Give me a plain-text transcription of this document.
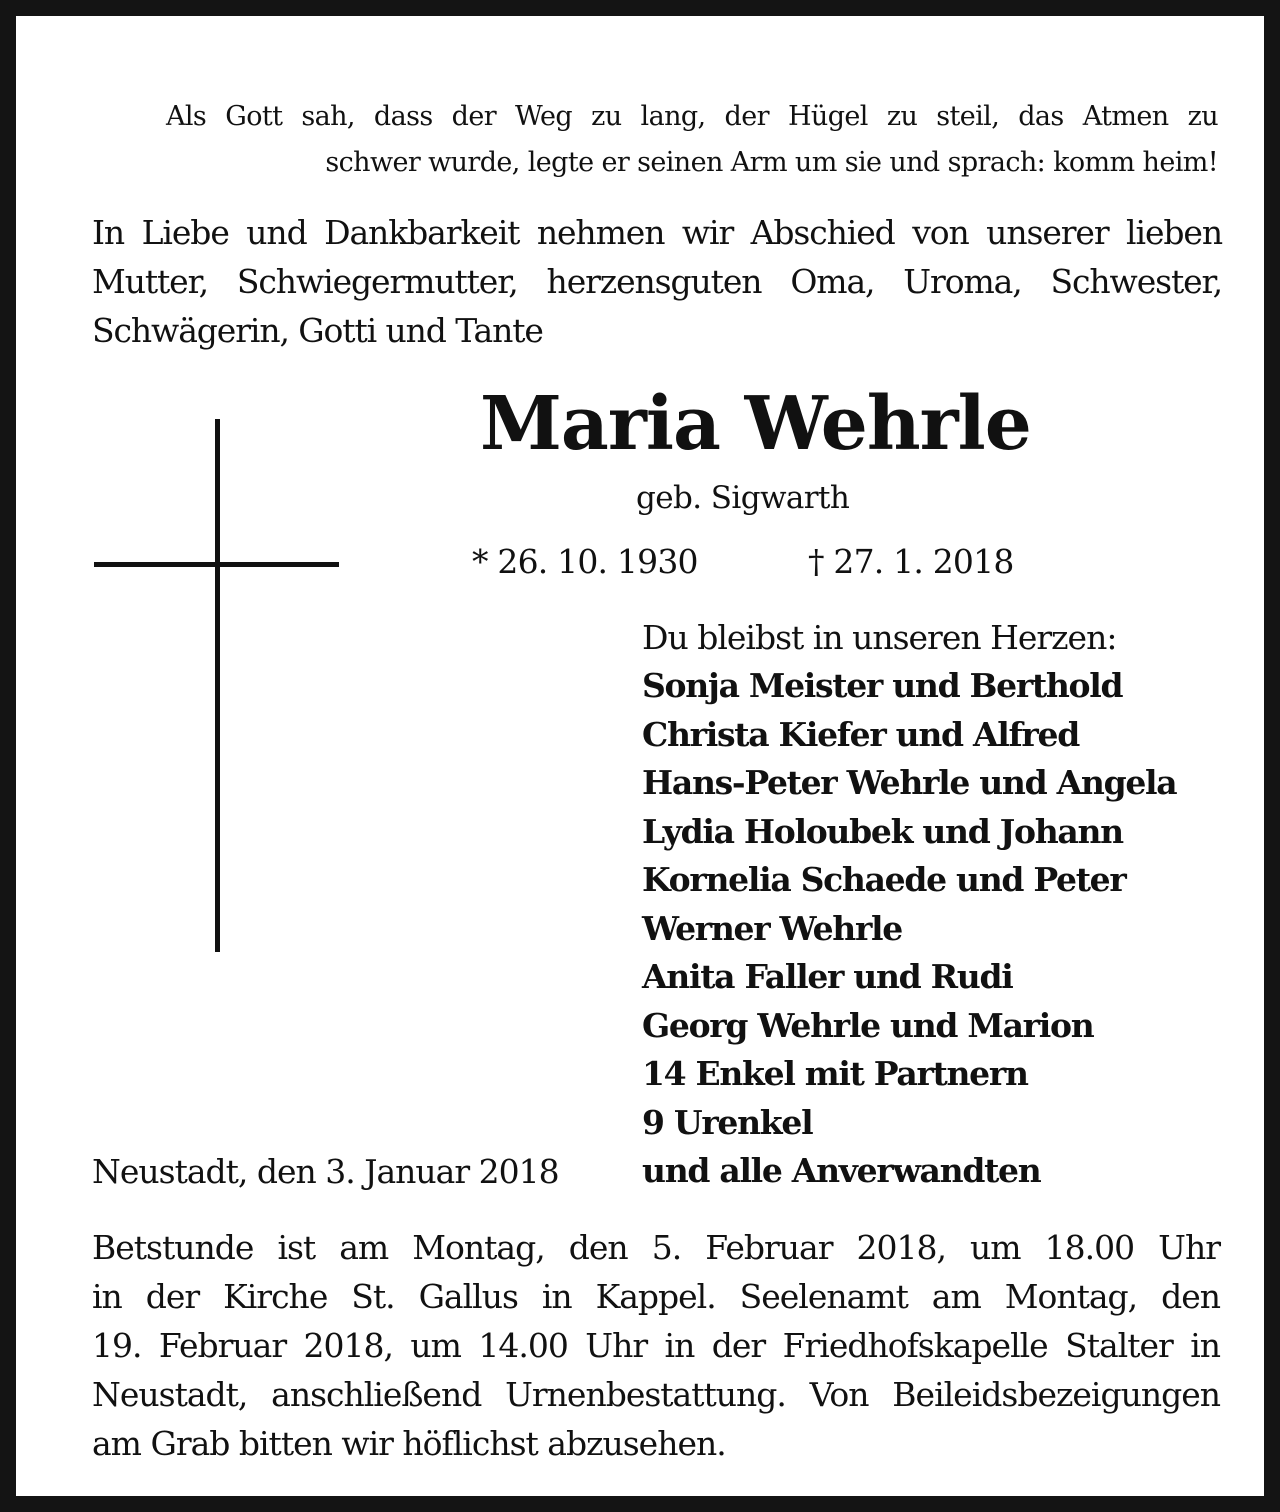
Als Gott sah, dass der Weg zu lang, der Hügel zu steil, das Atmen zu
schwer wurde, legte er seinen Arm um sie und sprach: komm heim!
In Liebe und Dankbarkeit nehmen wir Abschied von unserer lieben
Mutter, Schwiegermutter, herzensguten Oma, Uroma, Schwester,
Schwägerin, Gotti und Tante
Maria Wehrle
geb. Sigwarth
* 26. 10. 1930	† 27. 1. 2018
Du bleibst in unseren Herzen:
Sonja Meister und Berthold
Christa Kiefer und Alfred
Hans-Peter Wehrle und Angela
Lydia Holoubek und Johann
Kornelia Schaede und Peter
Werner Wehrle
Anita Faller und Rudi
Georg Wehrle und Marion
14 Enkel mit Partnern
9 Urenkel
und alle Anverwandten
Neustadt, den 3. Januar 2018
Betstunde ist am Montag, den 5. Februar 2018, um 18.00 Uhr
in der Kirche St. Gallus in Kappel. Seelenamt am Montag, den
19. Februar 2018, um 14.00 Uhr in der Friedhofskapelle Stalter in
Neustadt, anschließend Urnenbestattung. Von Beileidsbezeigungen
am Grab bitten wir höflichst abzusehen.
